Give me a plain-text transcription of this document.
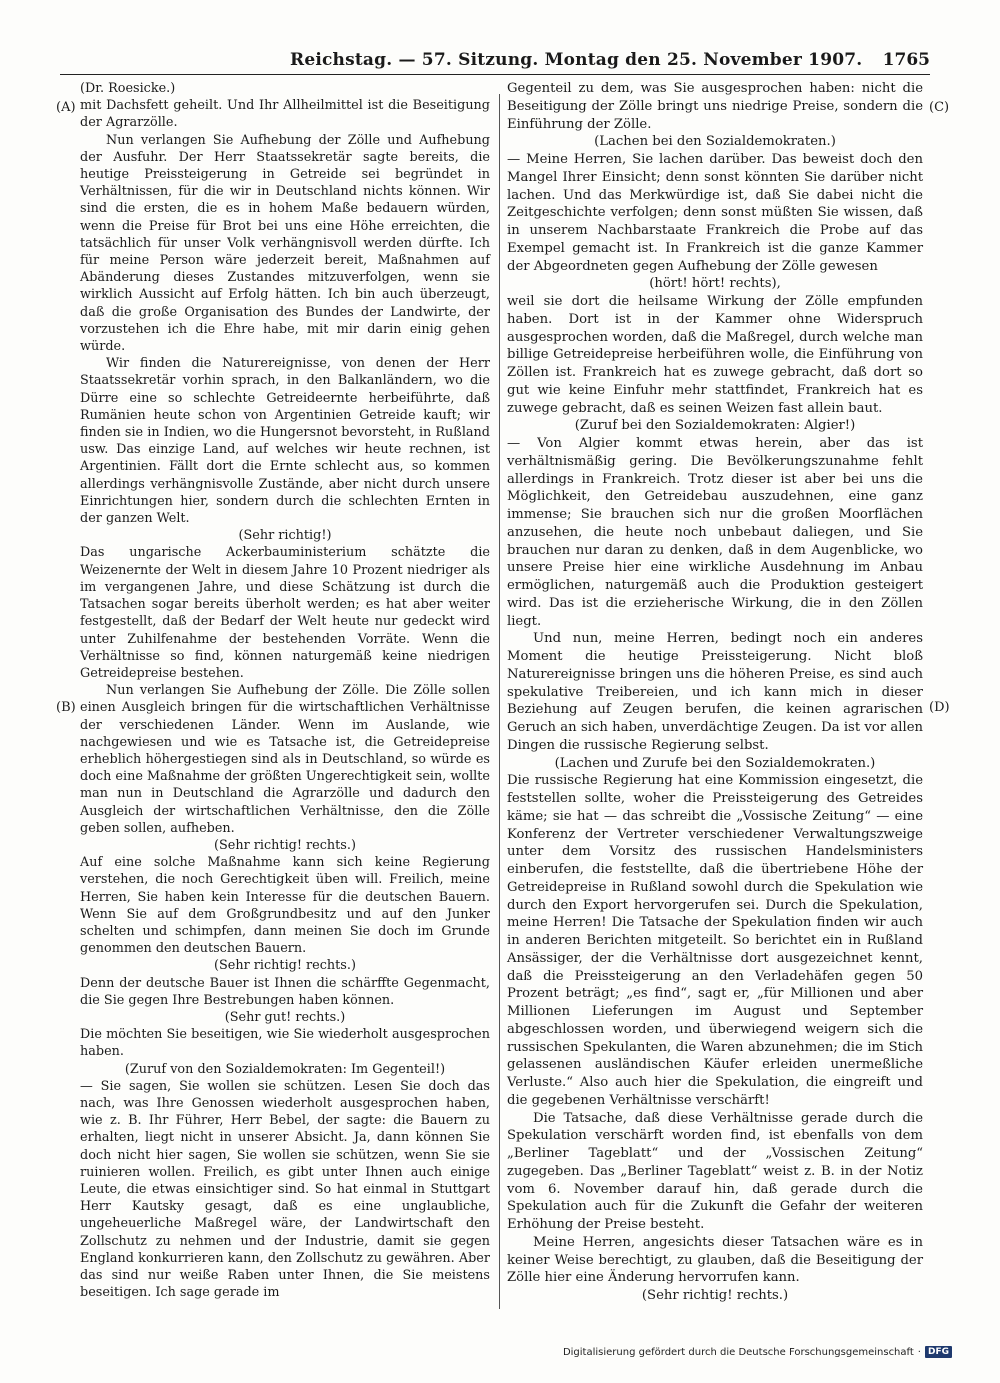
Reichstag. — 57. Sitzung. Montag den 25. November 1907. 1765
(A)
(B)
(C)
(D)

(Dr. Roesicke.)

mit Dachsfett geheilt. Und Ihr Allheilmittel ist die Beseitigung der Agrarzölle.

Nun verlangen Sie Aufhebung der Zölle und Aufhebung der Ausfuhr. Der Herr Staatssekretär sagte bereits, die heutige Preissteigerung in Getreide sei begründet in Verhältnissen, für die wir in Deutschland nichts können. Wir sind die ersten, die es in hohem Maße bedauern würden, wenn die Preise für Brot bei uns eine Höhe erreichten, die tatsächlich für unser Volk verhängnisvoll werden dürfte. Ich für meine Person wäre jederzeit bereit, Maßnahmen auf Abänderung dieses Zustandes mitzuverfolgen, wenn sie wirklich Aussicht auf Erfolg hätten. Ich bin auch überzeugt, daß die große Organisation des Bundes der Landwirte, der vorzustehen ich die Ehre habe, mit mir darin einig gehen würde.

Wir finden die Naturereignisse, von denen der Herr Staatssekretär vorhin sprach, in den Balkanländern, wo die Dürre eine so schlechte Getreideernte herbeiführte, daß Rumänien heute schon von Argentinien Getreide kauft; wir finden sie in Indien, wo die Hungersnot bevorsteht, in Rußland usw. Das einzige Land, auf welches wir heute rechnen, ist Argentinien. Fällt dort die Ernte schlecht aus, so kommen allerdings verhängnisvolle Zustände, aber nicht durch unsere Einrichtungen hier, sondern durch die schlechten Ernten in der ganzen Welt.

(Sehr richtig!)

Das ungarische Ackerbauministerium schätzte die Weizenernte der Welt in diesem Jahre 10 Prozent niedriger als im vergangenen Jahre, und diese Schätzung ist durch die Tatsachen sogar bereits überholt werden; es hat aber weiter festgestellt, daß der Bedarf der Welt heute nur gedeckt wird unter Zuhilfenahme der bestehenden Vorräte. Wenn die Verhältnisse so find, können naturgemäß keine niedrigen Getreidepreise bestehen.

Nun verlangen Sie Aufhebung der Zölle. Die Zölle sollen einen Ausgleich bringen für die wirtschaftlichen Verhältnisse der verschiedenen Länder. Wenn im Auslande, wie nachgewiesen und wie es Tatsache ist, die Getreidepreise erheblich höhergestiegen sind als in Deutschland, so würde es doch eine Maßnahme der größten Ungerechtigkeit sein, wollte man nun in Deutschland die Agrarzölle und dadurch den Ausgleich der wirtschaftlichen Verhältnisse, den die Zölle geben sollen, aufheben.

(Sehr richtig! rechts.)

Auf eine solche Maßnahme kann sich keine Regierung verstehen, die noch Gerechtigkeit üben will. Freilich, meine Herren, Sie haben kein Interesse für die deutschen Bauern. Wenn Sie auf dem Großgrundbesitz und auf den Junker schelten und schimpfen, dann meinen Sie doch im Grunde genommen den deutschen Bauern.

(Sehr richtig! rechts.)

Denn der deutsche Bauer ist Ihnen die schärffte Gegenmacht, die Sie gegen Ihre Bestrebungen haben können.

(Sehr gut! rechts.)

Die möchten Sie beseitigen, wie Sie wiederholt ausgesprochen haben.

(Zuruf von den Sozialdemokraten: Im Gegenteil!)

— Sie sagen, Sie wollen sie schützen. Lesen Sie doch das nach, was Ihre Genossen wiederholt ausgesprochen haben, wie z. B. Ihr Führer, Herr Bebel, der sagte: die Bauern zu erhalten, liegt nicht in unserer Absicht. Ja, dann können Sie doch nicht hier sagen, Sie wollen sie schützen, wenn Sie sie ruinieren wollen. Freilich, es gibt unter Ihnen auch einige Leute, die etwas einsichtiger sind. So hat einmal in Stuttgart Herr Kautsky gesagt, daß es eine unglaubliche, ungeheuerliche Maßregel wäre, der Landwirtschaft den Zollschutz zu nehmen und der Industrie, damit sie gegen England konkurrieren kann, den Zollschutz zu gewähren. Aber das sind nur weiße Raben unter Ihnen, die Sie meistens beseitigen. Ich sage gerade im

Gegenteil zu dem, was Sie ausgesprochen haben: nicht die Beseitigung der Zölle bringt uns niedrige Preise, sondern die Einführung der Zölle.

(Lachen bei den Sozialdemokraten.)

— Meine Herren, Sie lachen darüber. Das beweist doch den Mangel Ihrer Einsicht; denn sonst könnten Sie darüber nicht lachen. Und das Merkwürdige ist, daß Sie dabei nicht die Zeitgeschichte verfolgen; denn sonst müßten Sie wissen, daß in unserem Nachbarstaate Frankreich die Probe auf das Exempel gemacht ist. In Frankreich ist die ganze Kammer der Abgeordneten gegen Aufhebung der Zölle gewesen

(hört! hört! rechts),

weil sie dort die heilsame Wirkung der Zölle empfunden haben. Dort ist in der Kammer ohne Widerspruch ausgesprochen worden, daß die Maßregel, durch welche man billige Getreidepreise herbeiführen wolle, die Einführung von Zöllen ist. Frankreich hat es zuwege gebracht, daß dort so gut wie keine Einfuhr mehr stattfindet, Frankreich hat es zuwege gebracht, daß es seinen Weizen fast allein baut.

(Zuruf bei den Sozialdemokraten: Algier!)

— Von Algier kommt etwas herein, aber das ist verhältnismäßig gering. Die Bevölkerungszunahme fehlt allerdings in Frankreich. Trotz dieser ist aber bei uns die Möglichkeit, den Getreidebau auszudehnen, eine ganz immense; Sie brauchen sich nur die großen Moorflächen anzusehen, die heute noch unbebaut daliegen, und Sie brauchen nur daran zu denken, daß in dem Augenblicke, wo unsere Preise hier eine wirkliche Ausdehnung im Anbau ermöglichen, naturgemäß auch die Produktion gesteigert wird. Das ist die erzieherische Wirkung, die in den Zöllen liegt.

Und nun, meine Herren, bedingt noch ein anderes Moment die heutige Preissteigerung. Nicht bloß Naturereignisse bringen uns die höheren Preise, es sind auch spekulative Treibereien, und ich kann mich in dieser Beziehung auf Zeugen berufen, die keinen agrarischen Geruch an sich haben, unverdächtige Zeugen. Da ist vor allen Dingen die russische Regierung selbst.

(Lachen und Zurufe bei den Sozialdemokraten.)

Die russische Regierung hat eine Kommission eingesetzt, die feststellen sollte, woher die Preissteigerung des Getreides käme; sie hat — das schreibt die „Vossische Zeitung“ — eine Konferenz der Vertreter verschiedener Verwaltungszweige unter dem Vorsitz des russischen Handelsministers einberufen, die feststellte, daß die übertriebene Höhe der Getreidepreise in Rußland sowohl durch die Spekulation wie durch den Export hervorgerufen sei. Durch die Spekulation, meine Herren! Die Tatsache der Spekulation finden wir auch in anderen Berichten mitgeteilt. So berichtet ein in Rußland Ansässiger, der die Verhältnisse dort ausgezeichnet kennt, daß die Preissteigerung an den Verladehäfen gegen 50 Prozent beträgt; „es find“, sagt er, „für Millionen und aber Millionen Lieferungen im August und September abgeschlossen worden, und überwiegend weigern sich die russischen Spekulanten, die Waren abzunehmen; die im Stich gelassenen ausländischen Käufer erleiden unermeßliche Verluste.“ Also auch hier die Spekulation, die eingreift und die gegebenen Verhältnisse verschärft!

Die Tatsache, daß diese Verhältnisse gerade durch die Spekulation verschärft worden find, ist ebenfalls von dem „Berliner Tageblatt“ und der „Vossischen Zeitung“ zugegeben. Das „Berliner Tageblatt“ weist z. B. in der Notiz vom 6. November darauf hin, daß gerade durch die Spekulation auch für die Zukunft die Gefahr der weiteren Erhöhung der Preise besteht.

Meine Herren, angesichts dieser Tatsachen wäre es in keiner Weise berechtigt, zu glauben, daß die Beseitigung der Zölle hier eine Änderung hervorrufen kann.

(Sehr richtig! rechts.)

Digitalisierung gefördert durch die Deutsche Forschungsgemeinschaft · DFG
